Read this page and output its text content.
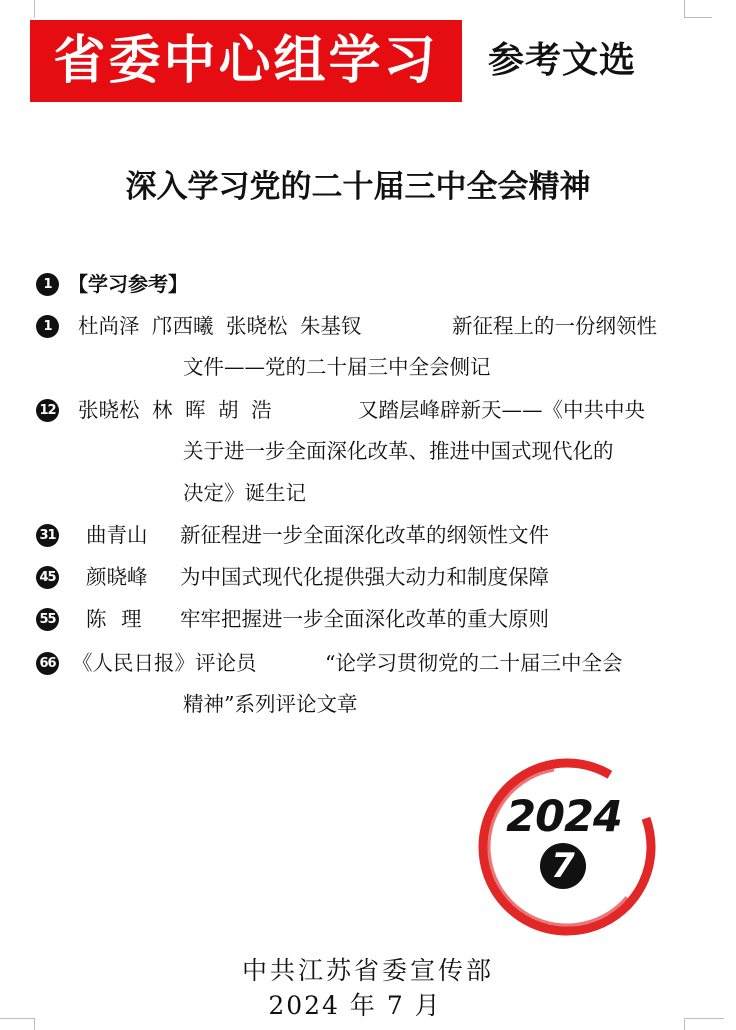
省委中心组学习 参考文选
深入学习党的二十届三中全会精神
1 【学习参考】
1	杜尚泽 邝西曦 张晓松 朱基钗	新征程上的一份纲领性
文件——党的二十届三中全会侧记
12 张晓松 林 晖 胡 浩	又踏层峰辟新天——《中共中央
关于进一步全面深化改革、推进中国式现代化的
决定》诞生记
31 曲青山 新征程进一步全面深化改革的纲领性文件
45 颜晓峰 为中国式现代化提供强大动力和制度保障
55 陈 理 牢牢把握进一步全面深化改革的重大原则
66 《人民日报》评论员	“论学习贯彻党的二十届三中全会
精神”系列评论文章
2024
7
中共江苏省委宣传部
2024 年 7 月
